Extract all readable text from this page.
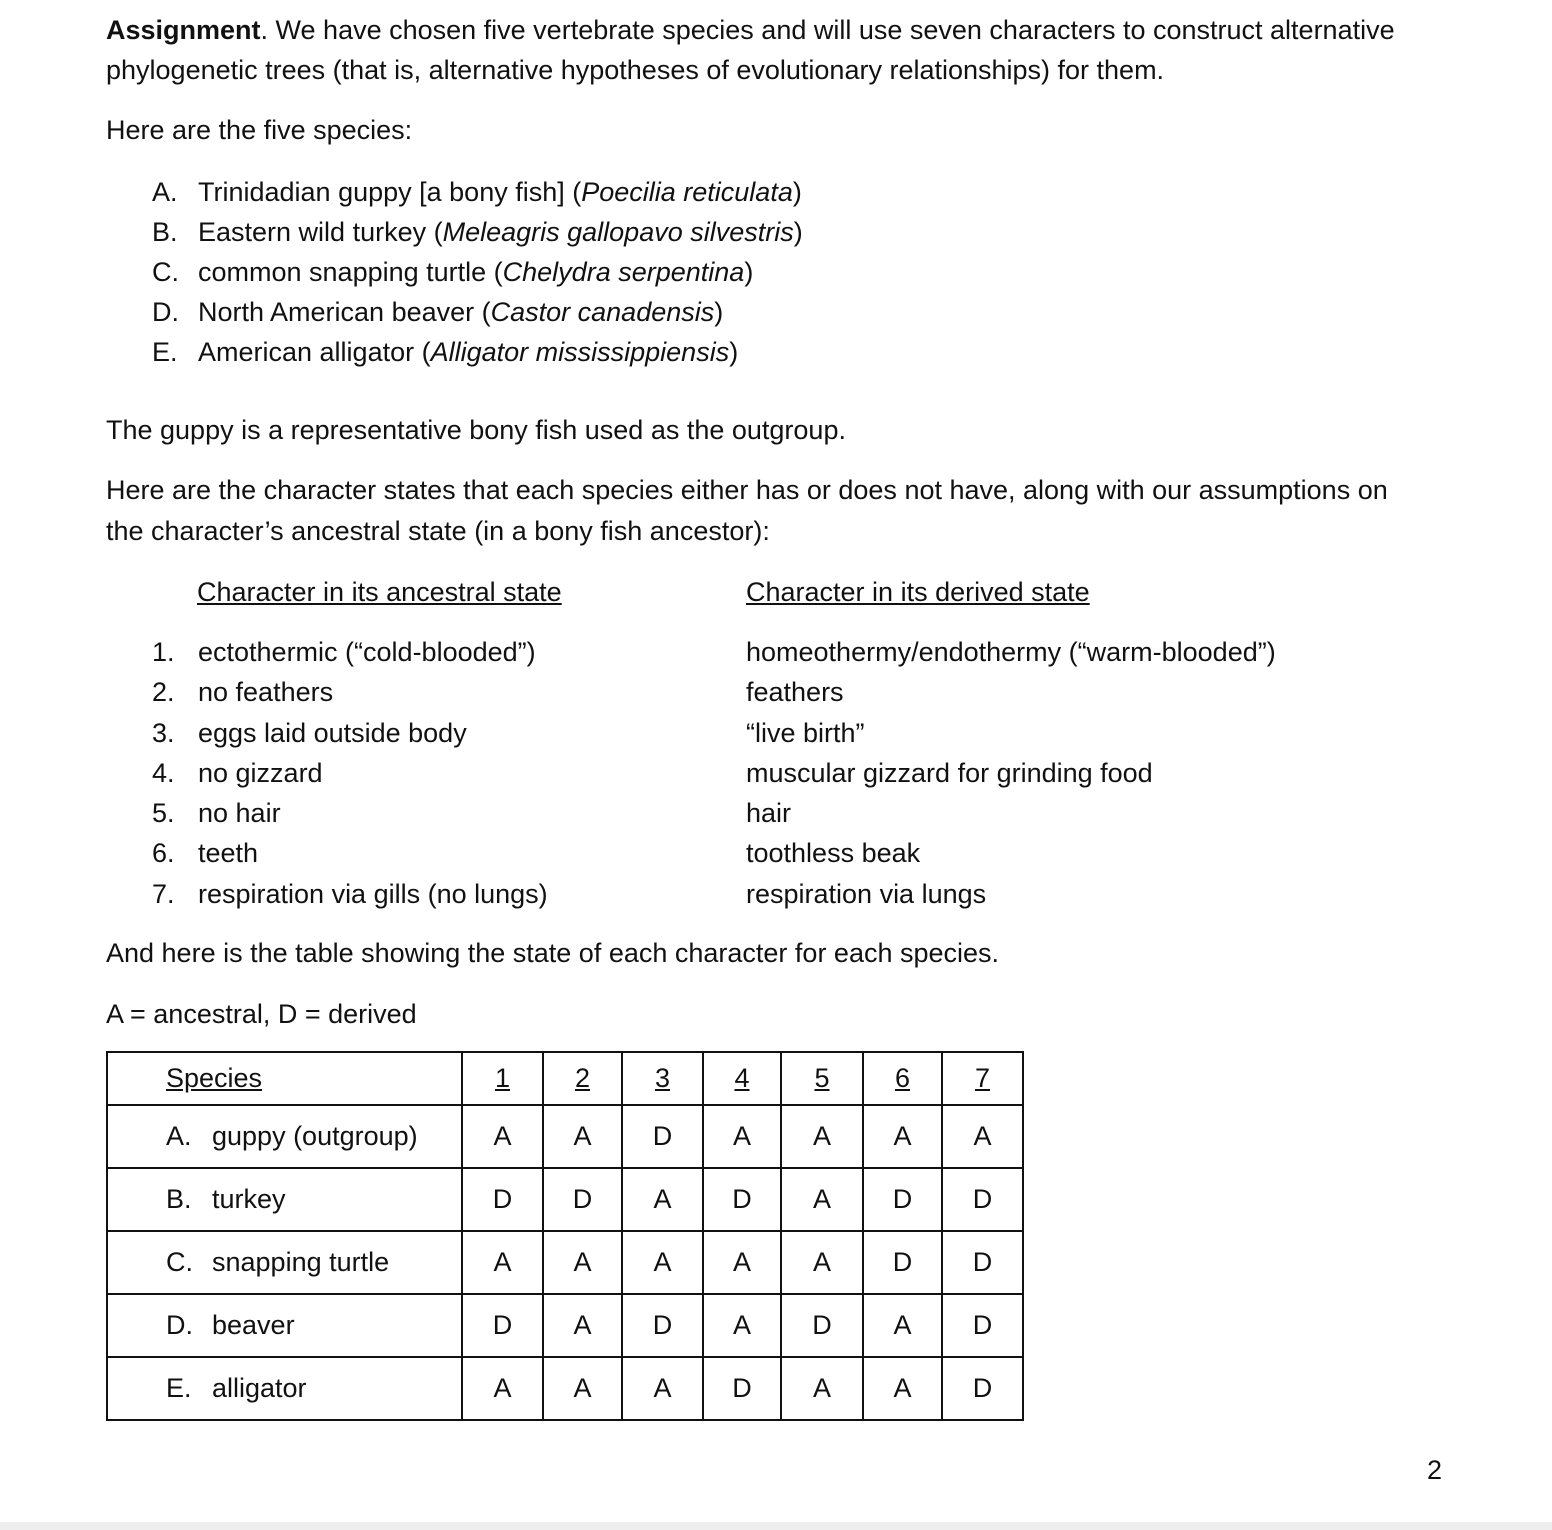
Assignment. We have chosen five vertebrate species and will use seven characters to construct alternative
phylogenetic trees (that is, alternative hypotheses of evolutionary relationships) for them.
Here are the five species:
A. Trinidadian guppy [a bony fish] (Poecilia reticulata)
B. Eastern wild turkey (Meleagris gallopavo silvestris)
C. common snapping turtle (Chelydra serpentina)
D. North American beaver (Castor canadensis)
E. American alligator (Alligator mississippiensis)
The guppy is a representative bony fish used as the outgroup.
Here are the character states that each species either has or does not have, along with our assumptions on
the character’s ancestral state (in a bony fish ancestor):
Character in its ancestral state	Character in its derived state
1. ectothermic (“cold-blooded”)	homeothermy/endothermy (“warm-blooded”)
2. no feathers	feathers
3. eggs laid outside body	“live birth”
4. no gizzard	muscular gizzard for grinding food
5. no hair	hair
6. teeth	toothless beak
7. respiration via gills (no lungs)	respiration via lungs
And here is the table showing the state of each character for each species.
A = ancestral, D = derived
Species	1	2	3	4	5	6	7
A. guppy (outgroup)	A	A	D	A	A	A	A
B. turkey	D	D	A	D	A	D	D
C. snapping turtle	A	A	A	A	A	D	D
D. beaver	D	A	D	A	D	A	D
E. alligator	A	A	A	D	A	A	D
2
